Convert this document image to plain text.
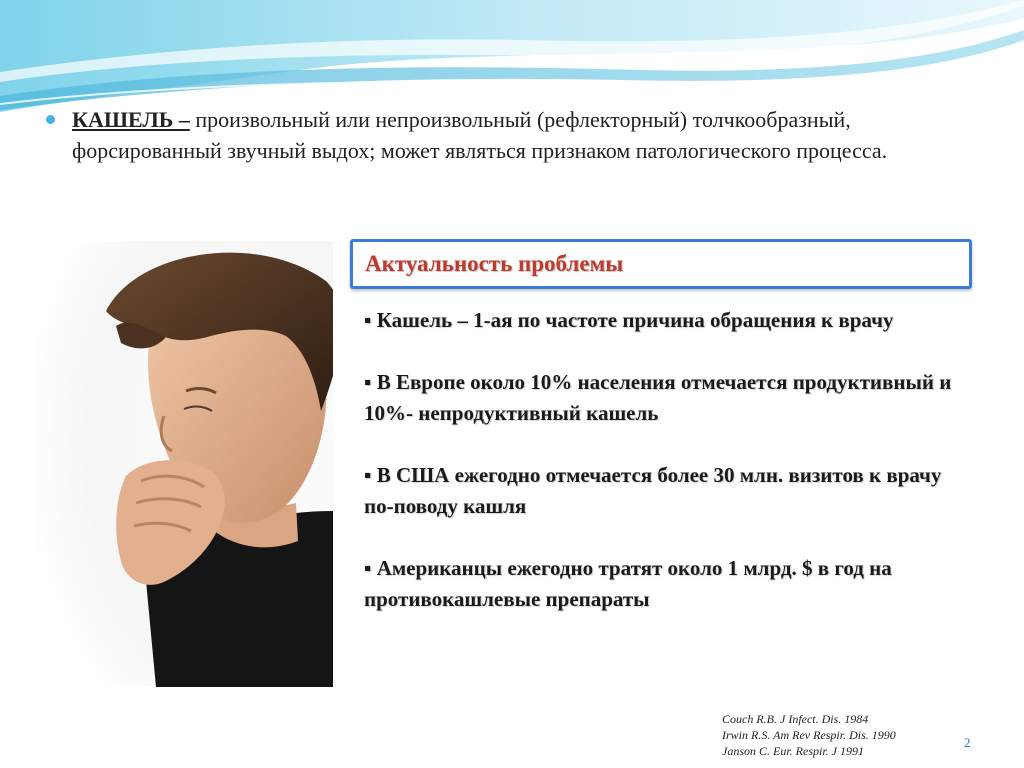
КАШЕЛЬ – произвольный или непроизвольный (рефлекторный) толчкообразный, форсированный звучный выдох; может являться признаком патологического процесса.
Актуальность проблемы
▪ Кашель – 1-ая по частоте причина обращения к врачу
▪ В Европе около 10% населения отмечается продуктивный и 10%- непродуктивный кашель
▪ В США ежегодно отмечается более 30 млн. визитов к врачу по-поводу кашля
▪ Американцы ежегодно тратят около 1 млрд. $ в год на противокашлевые препараты
Couch R.B. J Infect. Dis. 1984
Irwin R.S. Am Rev Respir. Dis. 1990
Janson C. Eur. Respir. J 1991
2
